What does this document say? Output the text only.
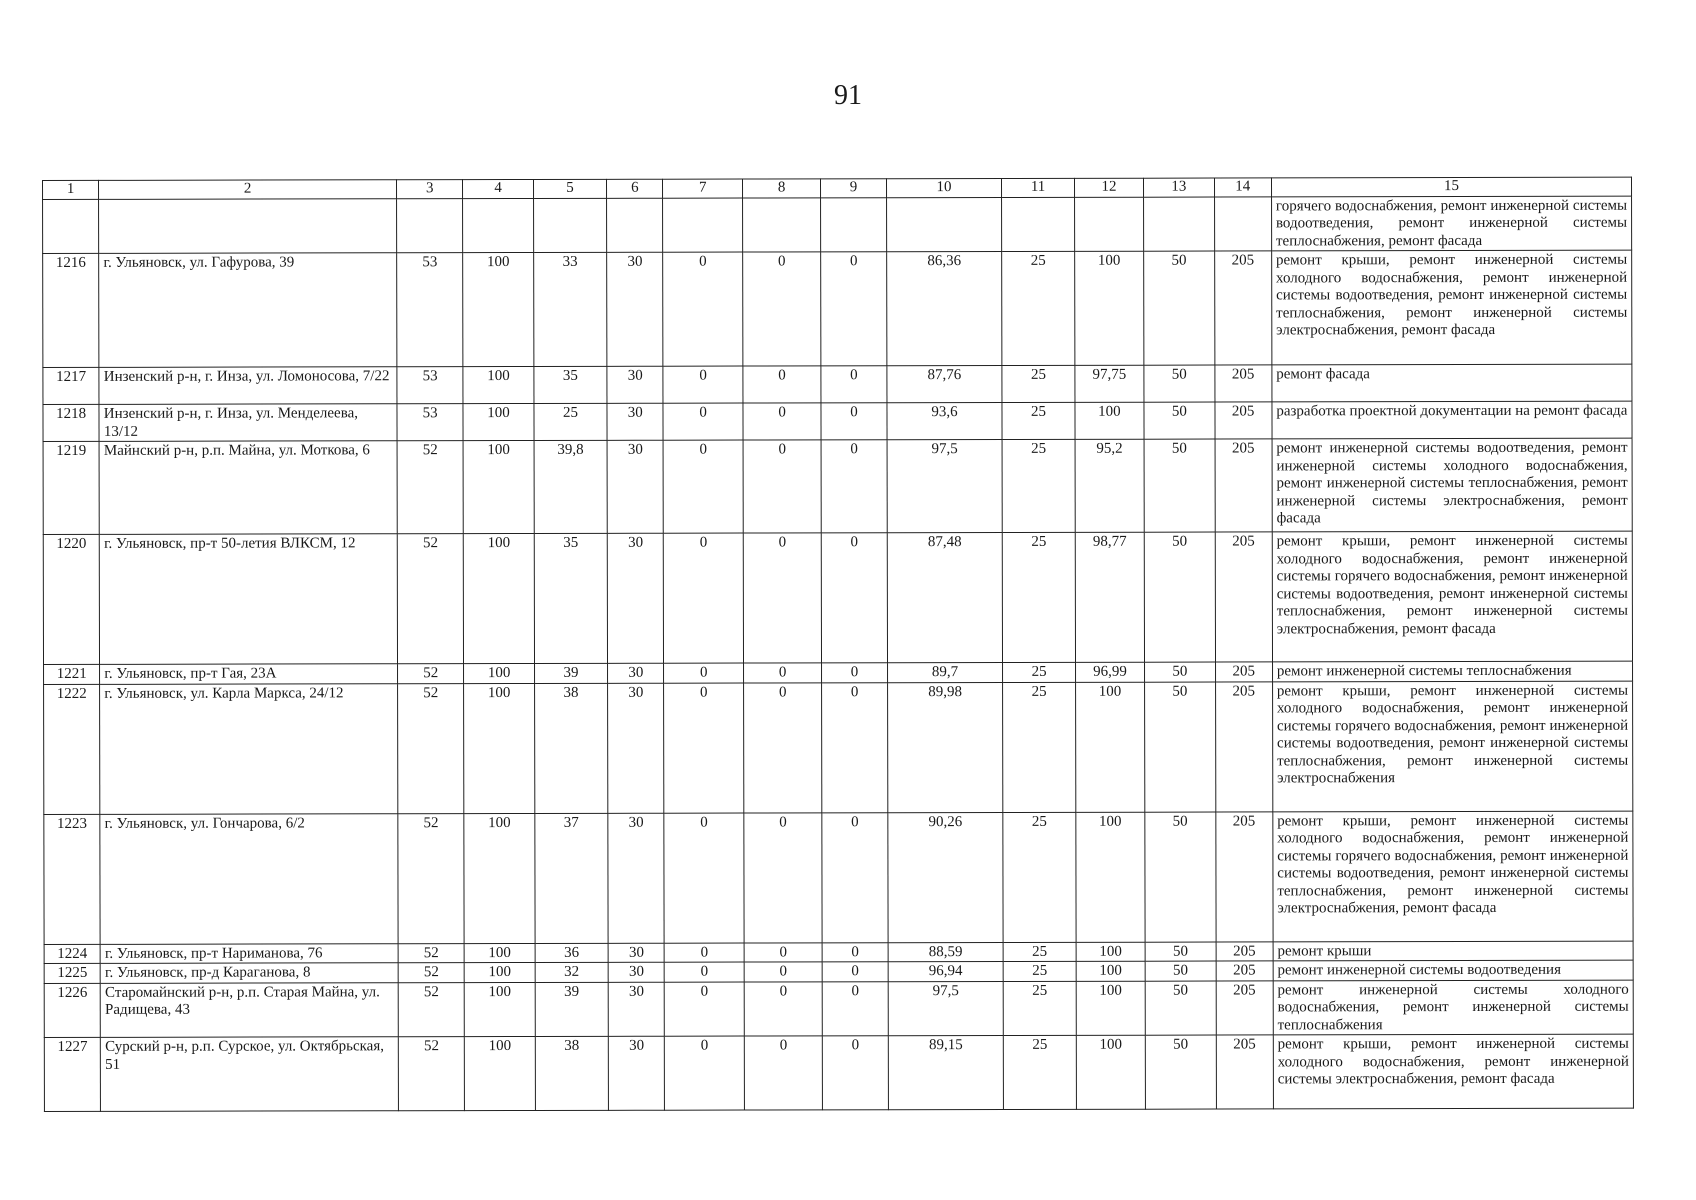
91
1	2	3	4	5	6	7	8	9	10	11	12	13	14	15
														горячего водоснабжения, ремонт инженерной системы водоотведения, ремонт инженерной системы теплоснабжения, ремонт фасада
1216	г. Ульяновск, ул. Гафурова, 39	53	100	33	30	0	0	0	86,36	25	100	50	205	ремонт крыши, ремонт инженерной системы холодного водоснабжения, ремонт инженерной системы водоотведения, ремонт инженерной системы теплоснабжения, ремонт инженерной системы электроснабжения, ремонт фасада
1217	Инзенский р-н, г. Инза, ул. Ломоносова, 7/22	53	100	35	30	0	0	0	87,76	25	97,75	50	205	ремонт фасада
1218	Инзенский р-н, г. Инза, ул. Менделеева, 13/12	53	100	25	30	0	0	0	93,6	25	100	50	205	разработка проектной документации на ремонт фасада
1219	Майнский р-н, р.п. Майна, ул. Моткова, 6	52	100	39,8	30	0	0	0	97,5	25	95,2	50	205	ремонт инженерной системы водоотведения, ремонт инженерной системы холодного водоснабжения, ремонт инженерной системы теплоснабжения, ремонт инженерной системы электроснабжения, ремонт фасада
1220	г. Ульяновск, пр-т 50-летия ВЛКСМ, 12	52	100	35	30	0	0	0	87,48	25	98,77	50	205	ремонт крыши, ремонт инженерной системы холодного водоснабжения, ремонт инженерной системы горячего водоснабжения, ремонт инженерной системы водоотведения, ремонт инженерной системы теплоснабжения, ремонт инженерной системы электроснабжения, ремонт фасада
1221	г. Ульяновск, пр-т Гая, 23А	52	100	39	30	0	0	0	89,7	25	96,99	50	205	ремонт инженерной системы теплоснабжения
1222	г. Ульяновск, ул. Карла Маркса, 24/12	52	100	38	30	0	0	0	89,98	25	100	50	205	ремонт крыши, ремонт инженерной системы холодного водоснабжения, ремонт инженерной системы горячего водоснабжения, ремонт инженерной системы водоотведения, ремонт инженерной системы теплоснабжения, ремонт инженерной системы электроснабжения
1223	г. Ульяновск, ул. Гончарова, 6/2	52	100	37	30	0	0	0	90,26	25	100	50	205	ремонт крыши, ремонт инженерной системы холодного водоснабжения, ремонт инженерной системы горячего водоснабжения, ремонт инженерной системы водоотведения, ремонт инженерной системы теплоснабжения, ремонт инженерной системы электроснабжения, ремонт фасада
1224	г. Ульяновск, пр-т Нариманова, 76	52	100	36	30	0	0	0	88,59	25	100	50	205	ремонт крыши
1225	г. Ульяновск, пр-д Караганова, 8	52	100	32	30	0	0	0	96,94	25	100	50	205	ремонт инженерной системы водоотведения
1226	Старомайнский р-н, р.п. Старая Майна, ул. Радищева, 43	52	100	39	30	0	0	0	97,5	25	100	50	205	ремонт инженерной системы холодного водоснабжения, ремонт инженерной системы теплоснабжения
1227	Сурский р-н, р.п. Сурское, ул. Октябрьская, 51	52	100	38	30	0	0	0	89,15	25	100	50	205	ремонт крыши, ремонт инженерной системы холодного водоснабжения, ремонт инженерной системы электроснабжения, ремонт фасада
